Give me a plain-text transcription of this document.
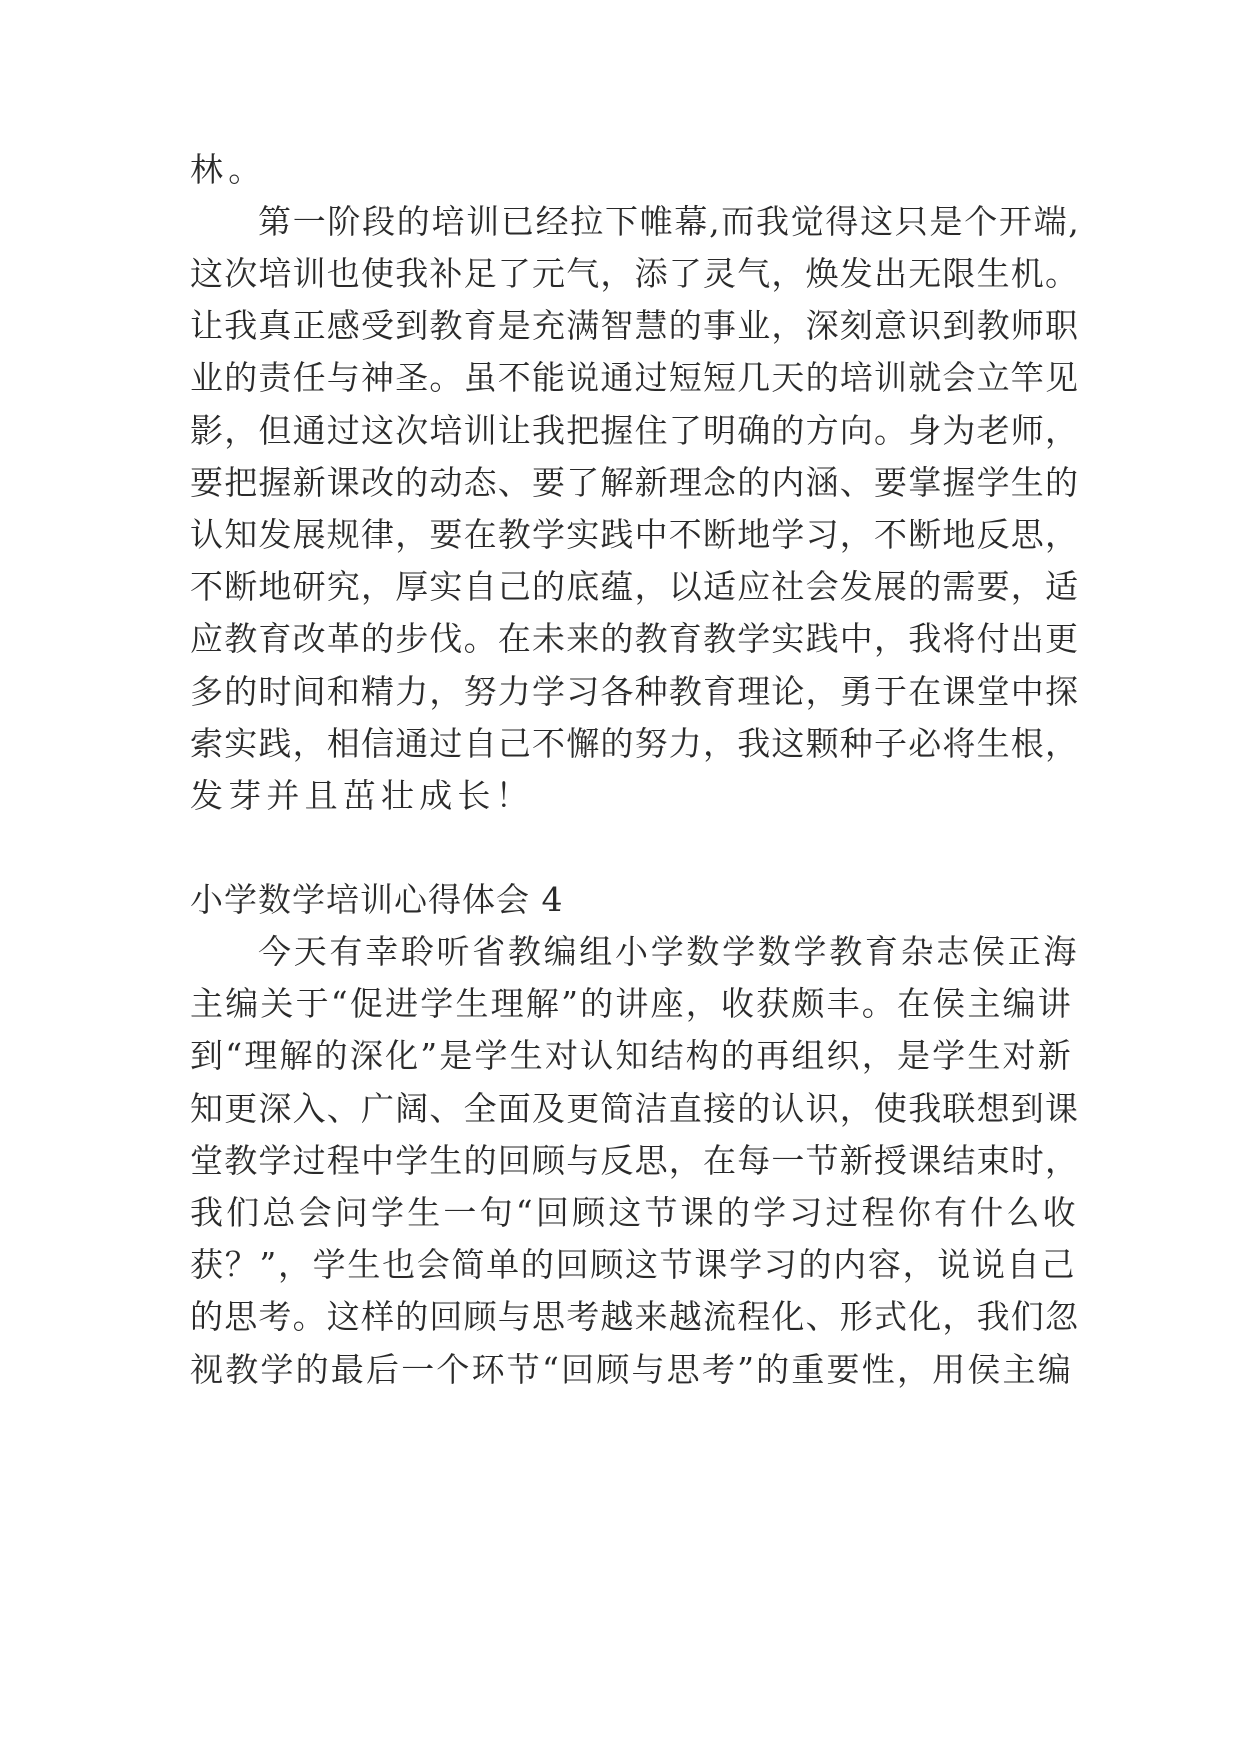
林。

第一阶段的培训已经拉下帷幕,而我觉得这只是个开端,

这次培训也使我补足了元气，添了灵气，焕发出无限生机。

让我真正感受到教育是充满智慧的事业，深刻意识到教师职

业的责任与神圣。虽不能说通过短短几天的培训就会立竿见

影，但通过这次培训让我把握住了明确的方向。身为老师，

要把握新课改的动态、要了解新理念的内涵、要掌握学生的

认知发展规律，要在教学实践中不断地学习，不断地反思，

不断地研究，厚实自己的底蕴，以适应社会发展的需要，适

应教育改革的步伐。在未来的教育教学实践中，我将付出更

多的时间和精力，努力学习各种教育理论，勇于在课堂中探

索实践，相信通过自己不懈的努力，我这颗种子必将生根，

发芽并且茁壮成长！

小学数学培训心得体会 4

今天有幸聆听省教编组小学数学数学教育杂志侯正海

主编关于“促进学生理解”的讲座，收获颇丰。在侯主编讲

到“理解的深化”是学生对认知结构的再组织，是学生对新

知更深入、广阔、全面及更简洁直接的认识，使我联想到课

堂教学过程中学生的回顾与反思，在每一节新授课结束时，

我们总会问学生一句“回顾这节课的学习过程你有什么收

获？”，学生也会简单的回顾这节课学习的内容，说说自己

的思考。这样的回顾与思考越来越流程化、形式化，我们忽

视教学的最后一个环节“回顾与思考”的重要性，用侯主编
